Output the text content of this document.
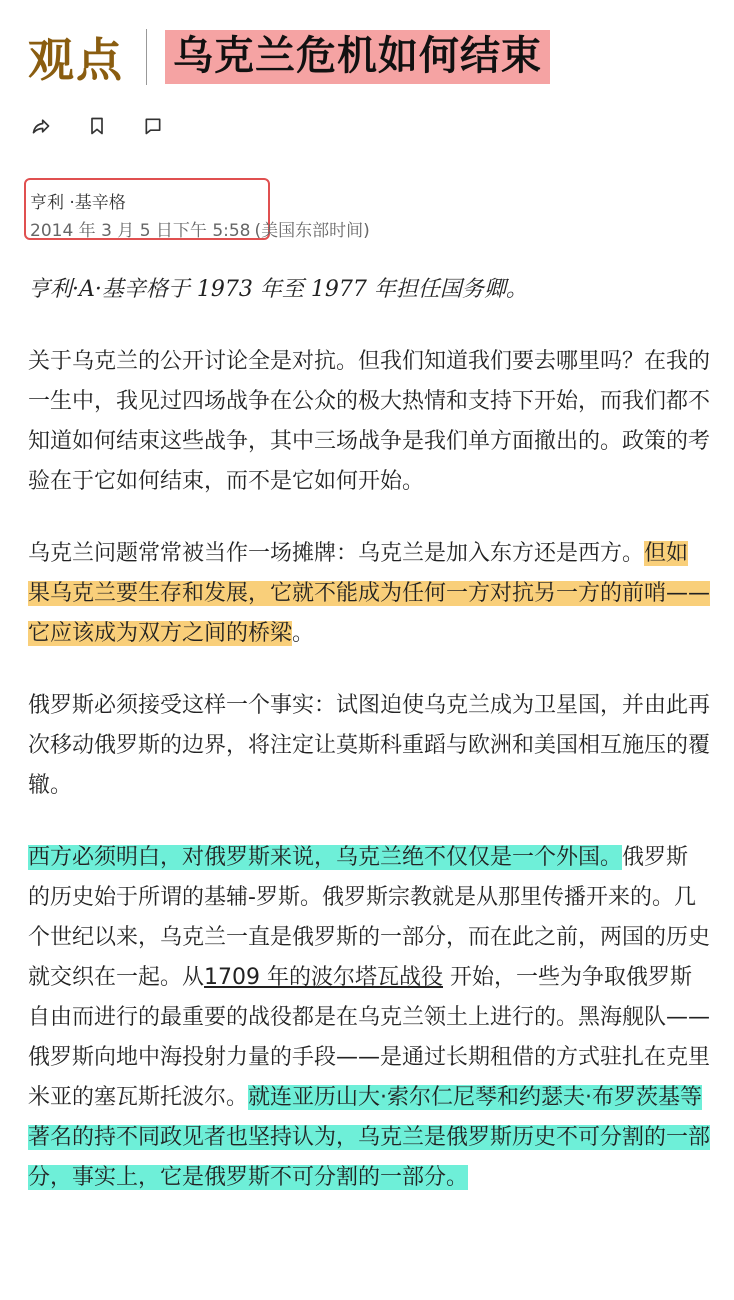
观点 乌克兰危机如何结束
亨利 ·基辛格
2014 年 3 月 5 日下午 5:58 (美国东部时间)

亨利·A·基辛格于 1973 年至 1977 年担任国务卿。

关于乌克兰的公开讨论全是对抗。但我们知道我们要去哪里吗？在我的一生中，我见过四场战争在公众的极大热情和支持下开始，而我们都不知道如何结束这些战争，其中三场战争是我们单方面撤出的。政策的考验在于它如何结束，而不是它如何开始。

乌克兰问题常常被当作一场摊牌：乌克兰是加入东方还是西方。但如果乌克兰要生存和发展，它就不能成为任何一方对抗另一方的前哨——它应该成为双方之间的桥梁。

俄罗斯必须接受这样一个事实：试图迫使乌克兰成为卫星国，并由此再次移动俄罗斯的边界，将注定让莫斯科重蹈与欧洲和美国相互施压的覆辙。

西方必须明白，对俄罗斯来说，乌克兰绝不仅仅是一个外国。俄罗斯的历史始于所谓的基辅-罗斯。俄罗斯宗教就是从那里传播开来的。几个世纪以来，乌克兰一直是俄罗斯的一部分，而在此之前，两国的历史就交织在一起。从1709 年的波尔塔瓦战役 开始，一些为争取俄罗斯自由而进行的最重要的战役都是在乌克兰领土上进行的。黑海舰队——俄罗斯向地中海投射力量的手段——是通过长期租借的方式驻扎在克里米亚的塞瓦斯托波尔。就连亚历山大·索尔仁尼琴和约瑟夫·布罗茨基等著名的持不同政见者也坚持认为，乌克兰是俄罗斯历史不可分割的一部分，事实上，它是俄罗斯不可分割的一部分。
